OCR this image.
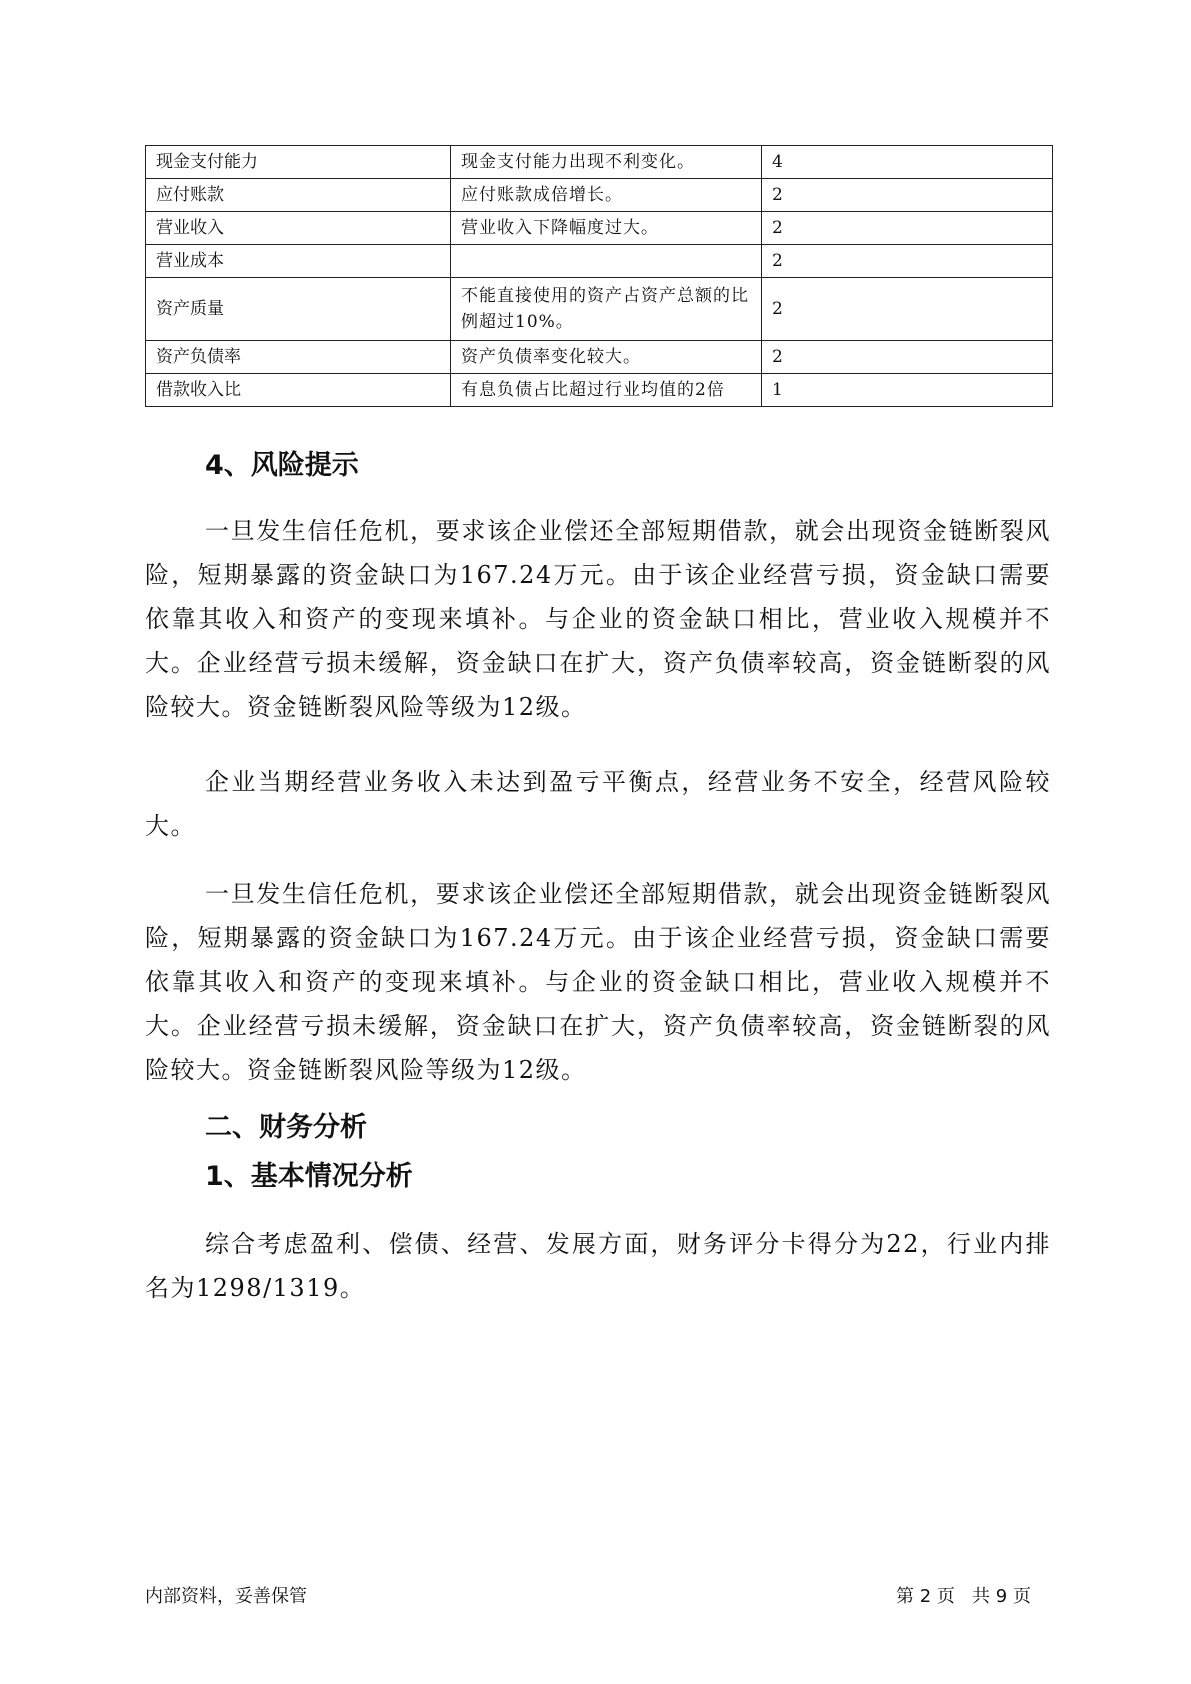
现金支付能力	现金支付能力出现不利变化。	4
应付账款	应付账款成倍增长。	2
营业收入	营业收入下降幅度过大。	2
营业成本		2
资产质量	不能直接使用的资产占资产总额的比例超过10%。	2
资产负债率	资产负债率变化较大。	2
借款收入比	有息负债占比超过行业均值的2倍	1
4、风险提示

一旦发生信任危机，要求该企业偿还全部短期借款，就会出现资金链断裂风险，短期暴露的资金缺口为167.24万元。由于该企业经营亏损，资金缺口需要依靠其收入和资产的变现来填补。与企业的资金缺口相比，营业收入规模并不大。企业经营亏损未缓解，资金缺口在扩大，资产负债率较高，资金链断裂的风险较大。资金链断裂风险等级为12级。

企业当期经营业务收入未达到盈亏平衡点，经营业务不安全，经营风险较大。

一旦发生信任危机，要求该企业偿还全部短期借款，就会出现资金链断裂风险，短期暴露的资金缺口为167.24万元。由于该企业经营亏损，资金缺口需要依靠其收入和资产的变现来填补。与企业的资金缺口相比，营业收入规模并不大。企业经营亏损未缓解，资金缺口在扩大，资产负债率较高，资金链断裂的风险较大。资金链断裂风险等级为12级。

二、财务分析
1、基本情况分析

综合考虑盈利、偿债、经营、发展方面，财务评分卡得分为22，行业内排名为1298/1319。

内部资料，妥善保管	第 2 页   共 9 页
